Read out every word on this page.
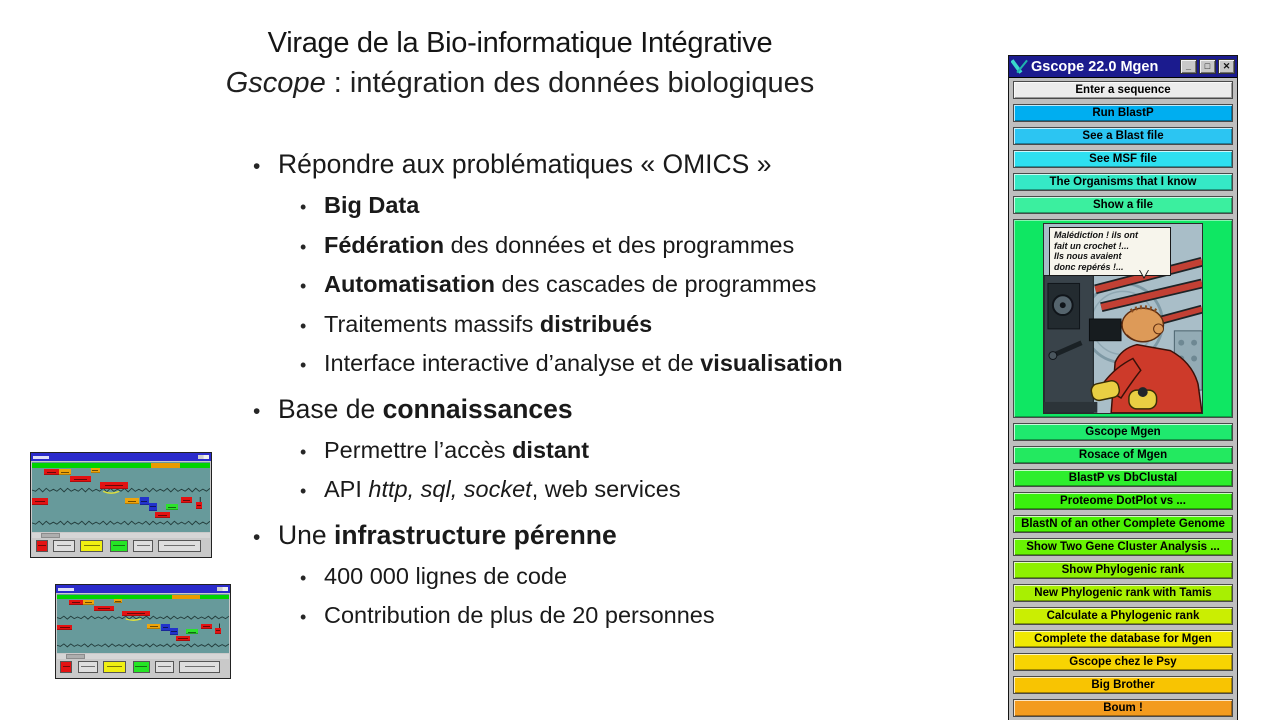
Virage de la Bio-informatique Intégrative
Gscope : intégration des données biologiques
• Répondre aux problématiques « OMICS »
• Big Data
• Fédération des données et des programmes
• Automatisation des cascades de programmes
• Traitements massifs distribués
• Interface interactive d’analyse et de visualisation
• Base de connaissances
• Permettre l’accès distant
• API http, sql, socket, web services
• Une infrastructure pérenne
• 400 000 lignes de code
• Contribution de plus de 20 personnes
Gscope 22.0 Mgen	_	□	✕
Enter a sequence
Run BlastP
See a Blast file
See MSF file
The Organisms that I know
Show a file
Malédiction ! ils ont
fait un crochet !...
Ils nous avaient
donc repérés !...
Gscope Mgen
Rosace of Mgen
BlastP vs DbClustal
Proteome DotPlot vs ...
BlastN of an other Complete Genome
Show Two Gene Cluster Analysis ...
Show Phylogenic rank
New Phylogenic rank with Tamis
Calculate a Phylogenic rank
Complete the database for Mgen
Gscope chez le Psy
Big Brother
Boum !
